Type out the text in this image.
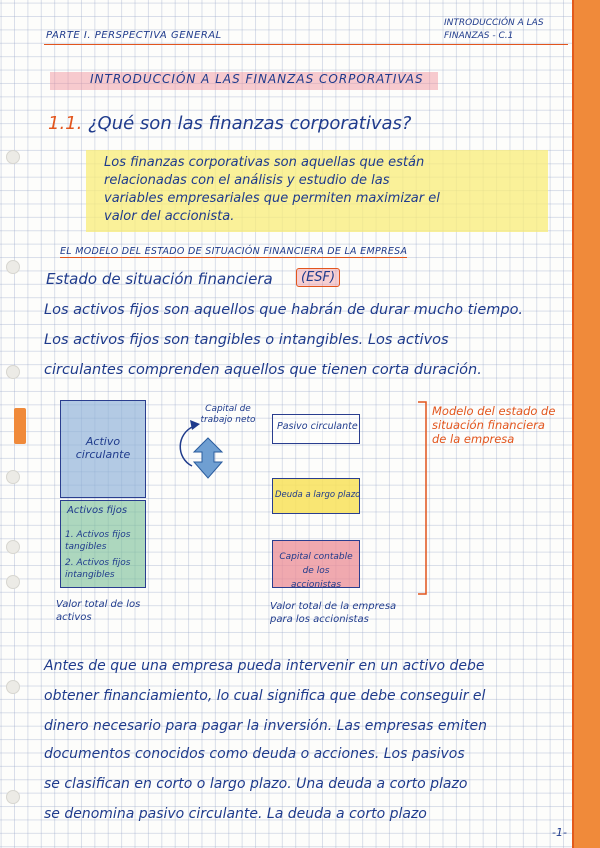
PARTE I. PERSPECTIVA GENERAL
INTRODUCCIÓN A LAS
FINANZAS - C.1
INTRODUCCIÓN A LAS FINANZAS CORPORATIVAS
1.1. ¿Qué son las finanzas corporativas?
Los finanzas corporativas son aquellas que están
relacionadas con el análisis y estudio de las
variables empresariales que permiten maximizar el
valor del accionista.
EL MODELO DEL ESTADO DE SITUACIÓN FINANCIERA DE LA EMPRESA
Estado de situación financiera	(ESF)
Los activos fijos son aquellos que habrán de durar mucho tiempo.
Los activos fijos son tangibles o intangibles. Los activos
circulantes comprenden aquellos que tienen corta duración.
Activo circulante
Activos fijos
1. Activos fijos tangibles
2. Activos fijos intangibles
Valor total de los activos
Capital de trabajo neto
Pasivo circulante
Deuda a largo plazo
Capital contable de los accionistas
Valor total de la empresa para los accionistas
Modelo del estado de situación financiera de la empresa
Antes de que una empresa pueda intervenir en un activo debe
obtener financiamiento, lo cual significa que debe conseguir el
dinero necesario para pagar la inversión. Las empresas emiten
documentos conocidos como deuda o acciones. Los pasivos
se clasifican en corto o largo plazo. Una deuda a corto plazo
se denomina pasivo circulante. La deuda a corto plazo
-1-
